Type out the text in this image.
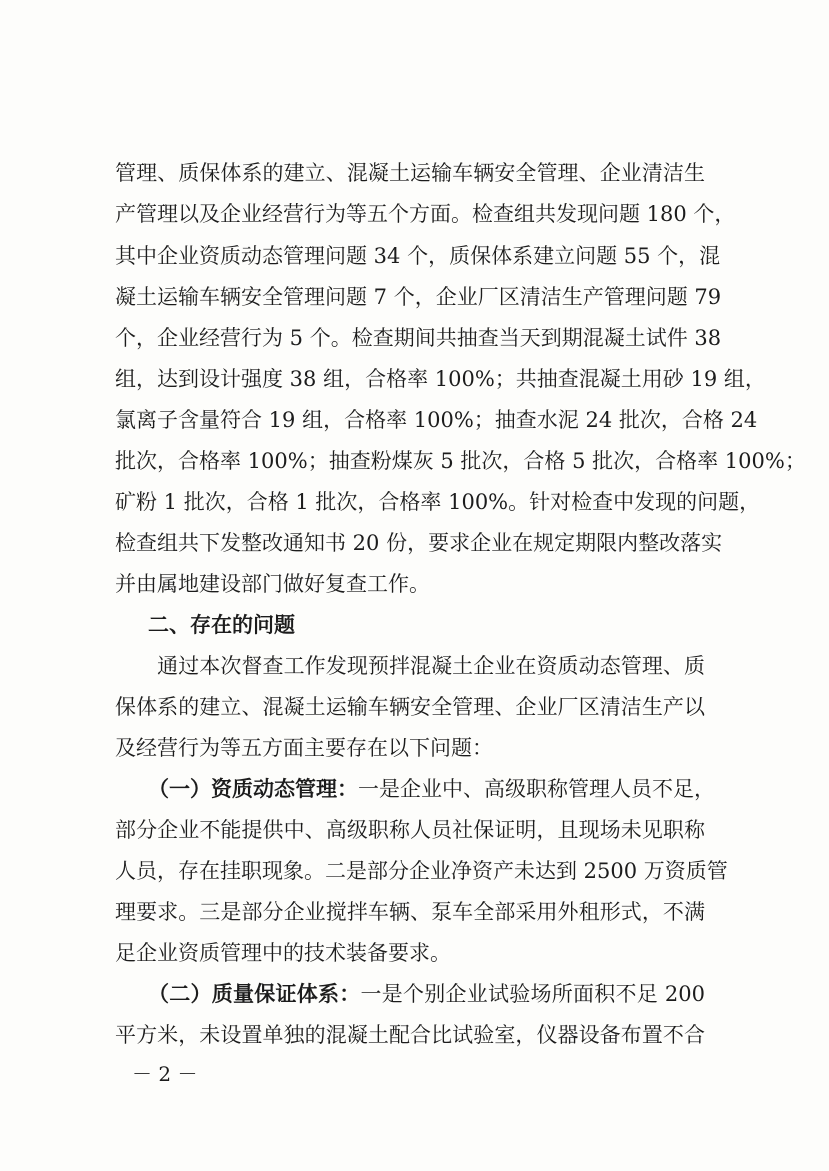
管理、质保体系的建立、混凝土运输车辆安全管理、企业清洁生
产管理以及企业经营行为等五个方面。检查组共发现问题 180 个，
其中企业资质动态管理问题 34 个，质保体系建立问题 55 个，混
凝土运输车辆安全管理问题 7 个，企业厂区清洁生产管理问题 79
个，企业经营行为 5 个。检查期间共抽查当天到期混凝土试件 38
组，达到设计强度 38 组，合格率 100%；共抽查混凝土用砂 19 组，
氯离子含量符合 19 组，合格率 100%；抽查水泥 24 批次，合格 24
批次，合格率 100%；抽查粉煤灰 5 批次，合格 5 批次，合格率 100%；
矿粉 1 批次，合格 1 批次，合格率 100%。针对检查中发现的问题，
检查组共下发整改通知书 20 份，要求企业在规定期限内整改落实
并由属地建设部门做好复查工作。
二、存在的问题
　　通过本次督查工作发现预拌混凝土企业在资质动态管理、质
保体系的建立、混凝土运输车辆安全管理、企业厂区清洁生产以
及经营行为等五方面主要存在以下问题：
（一）资质动态管理：一是企业中、高级职称管理人员不足，
部分企业不能提供中、高级职称人员社保证明，且现场未见职称
人员，存在挂职现象。二是部分企业净资产未达到 2500 万资质管
理要求。三是部分企业搅拌车辆、泵车全部采用外租形式，不满
足企业资质管理中的技术装备要求。
（二）质量保证体系：一是个别企业试验场所面积不足 200
平方米，未设置单独的混凝土配合比试验室，仪器设备布置不合
－ 2 －
